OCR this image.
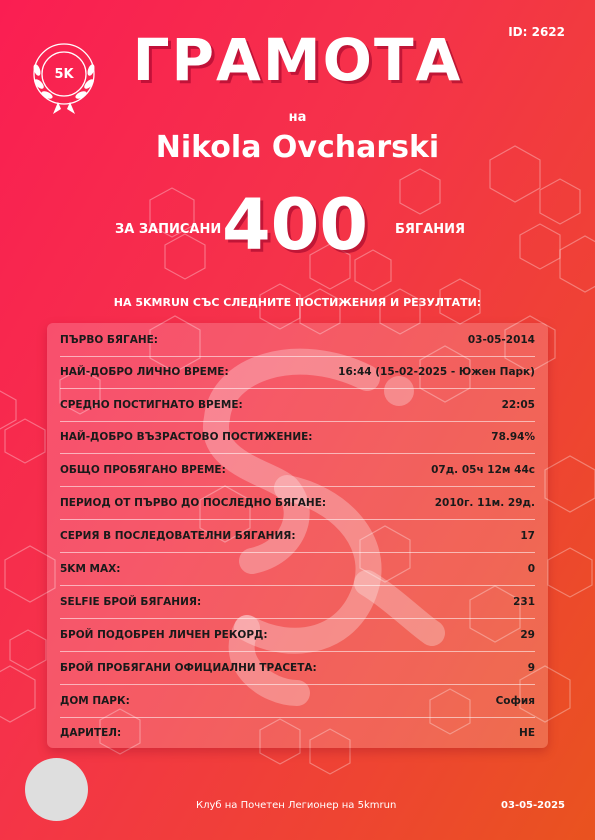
ID: 2622
5K	ГРАМОТА
на
Nikola Ovcharski
ЗА ЗАПИСАНИ 400	БЯГАНИЯ
НА 5KMRUN СЪС СЛЕДНИТЕ ПОСТИЖЕНИЯ И РЕЗУЛТАТИ:
ПЪРВО БЯГАНЕ:	03-05-2014
НАЙ-ДОБРО ЛИЧНО ВРЕМЕ:	16:44 (15-02-2025 - Южен Парк)
СРЕДНО ПОСТИГНАТО ВРЕМЕ:	22:05
НАЙ-ДОБРО ВЪЗРАСТОВО ПОСТИЖЕНИЕ:	78.94%
ОБЩО ПРОБЯГАНО ВРЕМЕ:	07д. 05ч 12м 44с
ПЕРИОД ОТ ПЪРВО ДО ПОСЛЕДНО БЯГАНЕ:	2010г. 11м. 29д.
СЕРИЯ В ПОСЛЕДОВАТЕЛНИ БЯГАНИЯ:	17
5KM MAX:	0
SELFIE БРОЙ БЯГАНИЯ:	231
БРОЙ ПОДОБРЕН ЛИЧЕН РЕКОРД:	29
БРОЙ ПРОБЯГАНИ ОФИЦИАЛНИ ТРАСЕТА:	9
ДОМ ПАРК:	София
ДАРИТЕЛ:	НЕ
Клуб на Почетен Легионер на 5kmrun	03-05-2025
